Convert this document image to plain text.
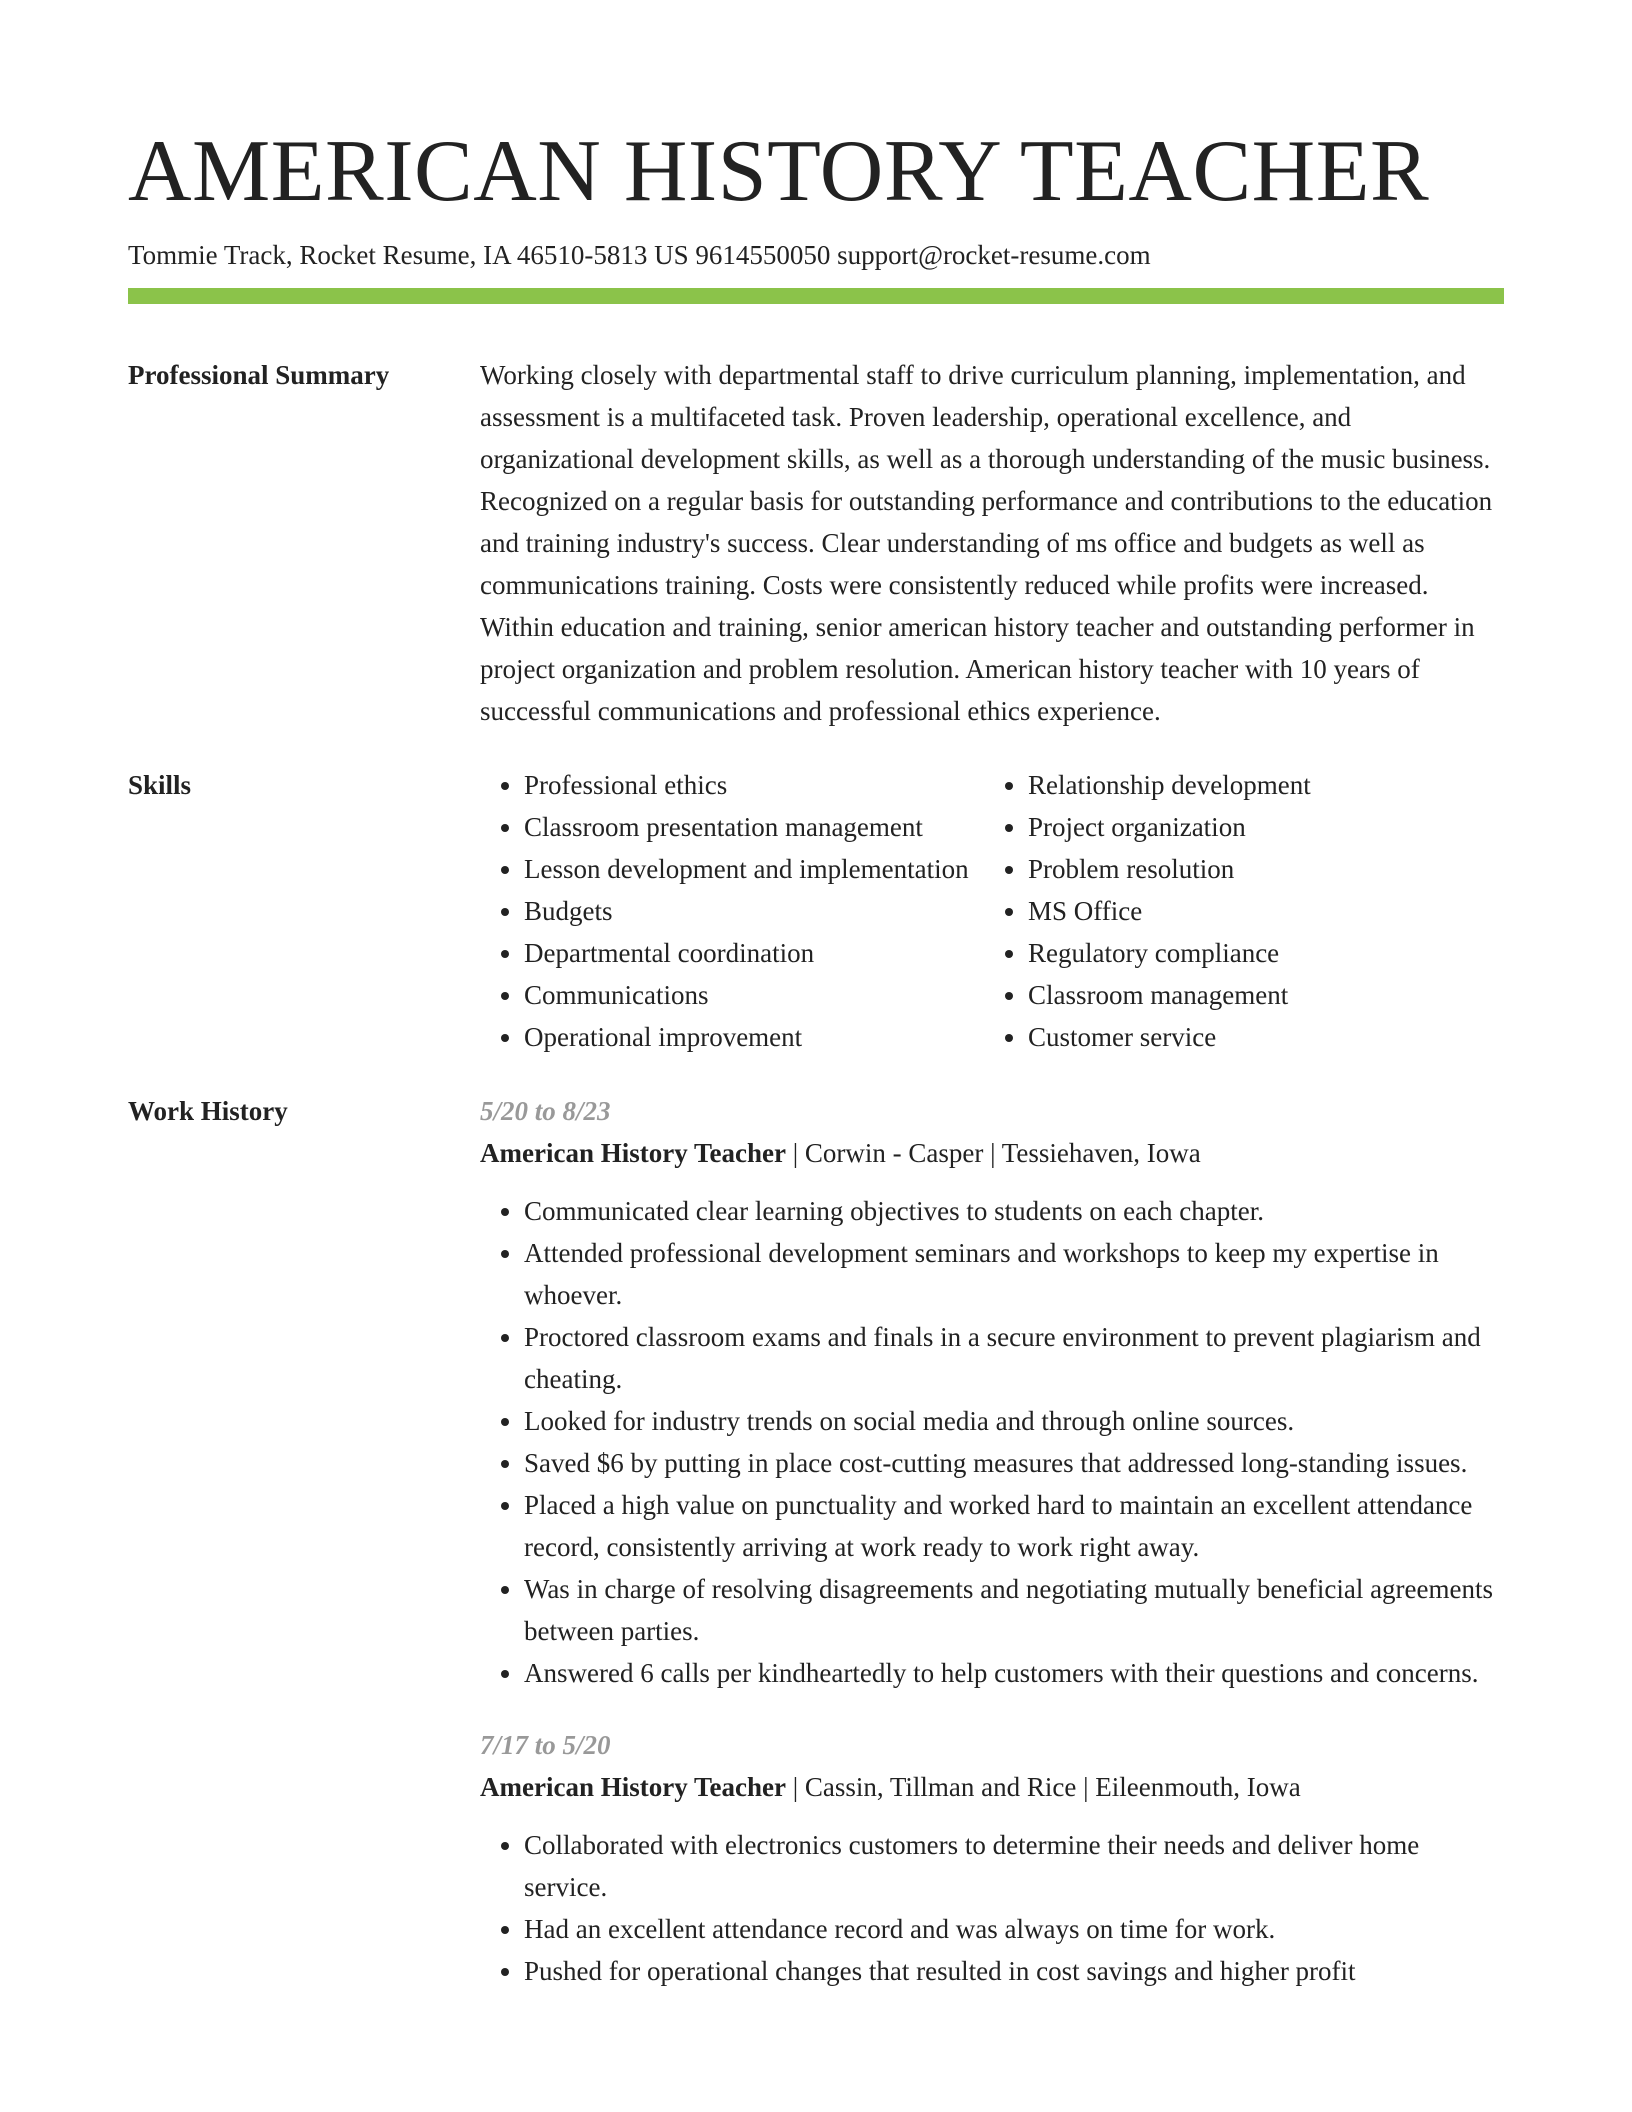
AMERICAN HISTORY TEACHER
Tommie Track, Rocket Resume, IA 46510-5813 US 9614550050 support@rocket-resume.com
Professional Summary	Working closely with departmental staff to drive curriculum planning, implementation, and assessment is a multifaceted task. Proven leadership, operational excellence, and organizational development skills, as well as a thorough understanding of the music business. Recognized on a regular basis for outstanding performance and contributions to the education and training industry's success. Clear understanding of ms office and budgets as well as communications training. Costs were consistently reduced while profits were increased. Within education and training, senior american history teacher and outstanding performer in project organization and problem resolution. American history teacher with 10 years of successful communications and professional ethics experience.

Skills
•	Professional ethics
• Classroom presentation management
• Lesson development and implementation
• Budgets
• Departmental coordination
• Communications
• Operational improvement
• Relationship development
• Project organization
• Problem resolution
• MS Office
• Regulatory compliance
• Classroom management
• Customer service
Work History	5/20 to 8/23
American History Teacher | Corwin - Casper | Tessiehaven, Iowa
• Communicated clear learning objectives to students on each chapter.
• Attended professional development seminars and workshops to keep my expertise in whoever.
• Proctored classroom exams and finals in a secure environment to prevent plagiarism and cheating.
• Looked for industry trends on social media and through online sources.
• Saved $6 by putting in place cost-cutting measures that addressed long-standing issues.
• Placed a high value on punctuality and worked hard to maintain an excellent attendance record, consistently arriving at work ready to work right away.
• Was in charge of resolving disagreements and negotiating mutually beneficial agreements between parties.
• Answered 6 calls per kindheartedly to help customers with their questions and concerns.
7/17 to 5/20
American History Teacher | Cassin, Tillman and Rice | Eileenmouth, Iowa
• Collaborated with electronics customers to determine their needs and deliver home service.
• Had an excellent attendance record and was always on time for work.
• Pushed for operational changes that resulted in cost savings and higher profit
